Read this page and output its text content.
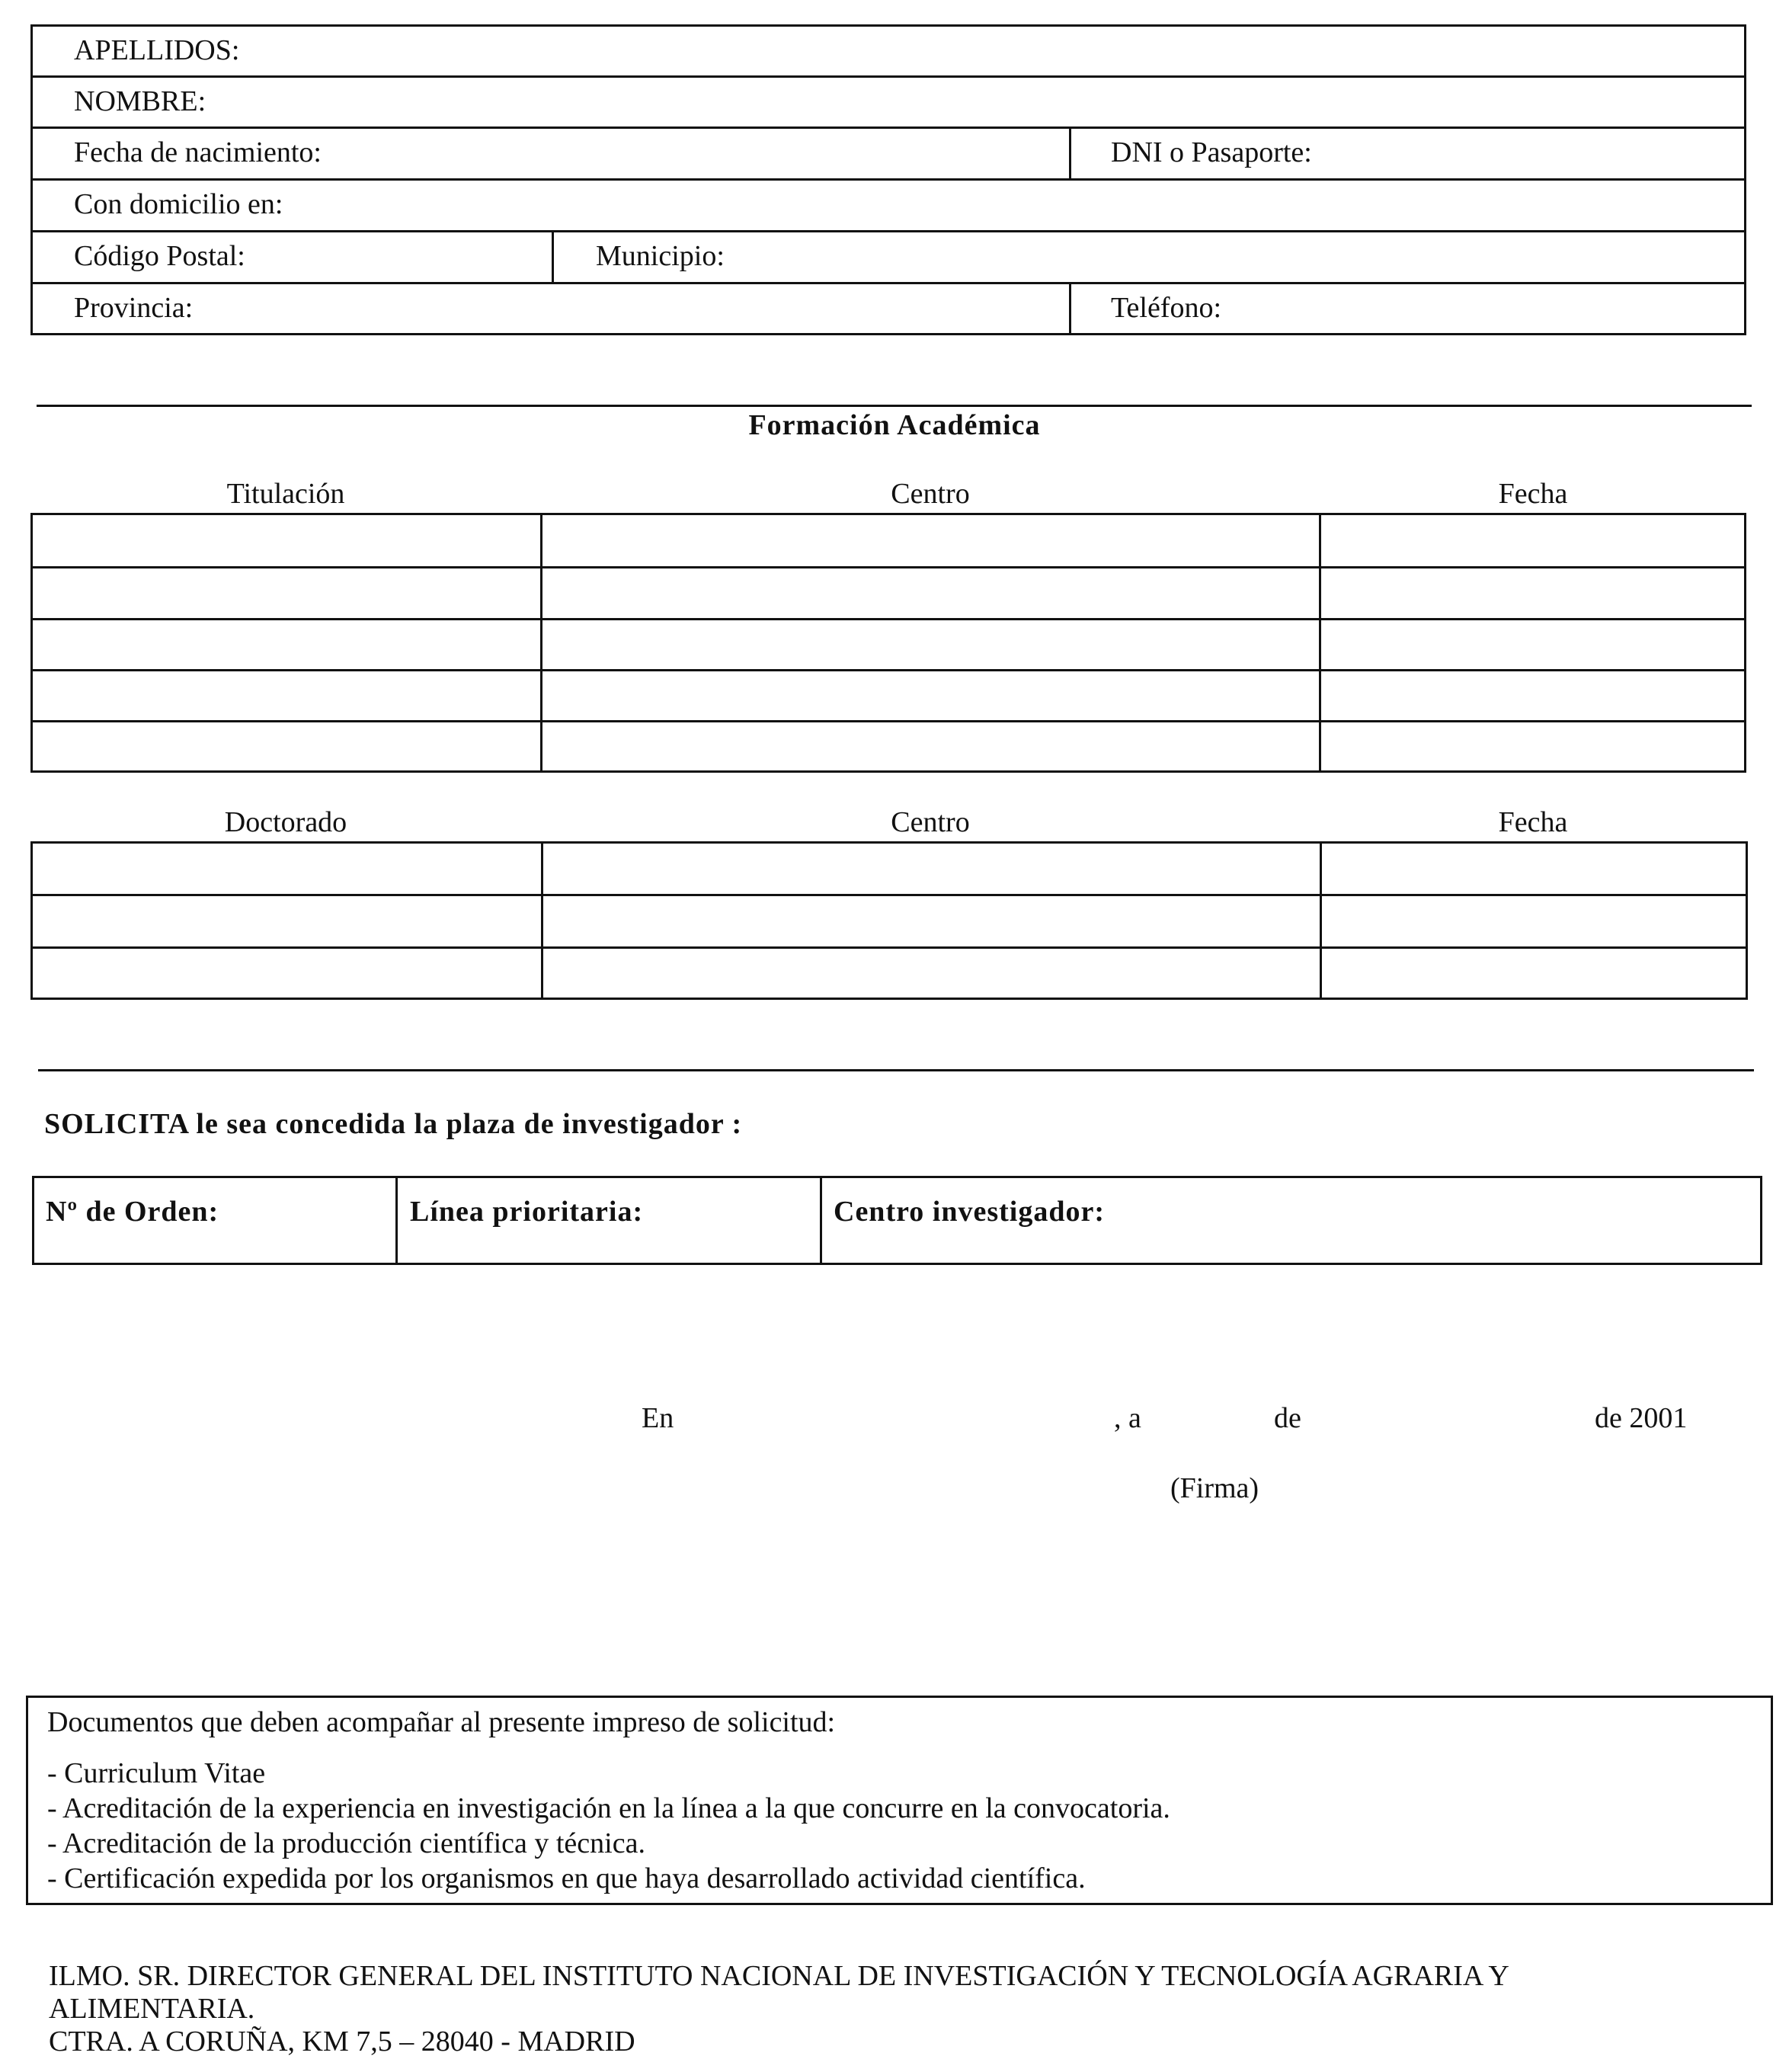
APELLIDOS:
NOMBRE:
Fecha de nacimiento:	DNI o Pasaporte:
Con domicilio en:
Código Postal:	Municipio:
Provincia:	Teléfono:
Formación Académica
Titulación	Centro	Fecha
Doctorado	Centro	Fecha
SOLICITA le sea concedida la plaza de investigador :
Nº de Orden:	Línea prioritaria:	Centro investigador:
En	, a	de	de 2001
(Firma)
Documentos que deben acompañar al presente impreso de solicitud:
- Curriculum Vitae
- Acreditación de la experiencia en investigación en la línea a la que concurre en la convocatoria.
- Acreditación de la producción científica y técnica.
- Certificación expedida por los organismos en que haya desarrollado actividad científica.
ILMO. SR. DIRECTOR GENERAL DEL INSTITUTO NACIONAL DE INVESTIGACIÓN Y TECNOLOGÍA AGRARIA Y
ALIMENTARIA.
CTRA. A CORUÑA, KM 7,5 – 28040 - MADRID
